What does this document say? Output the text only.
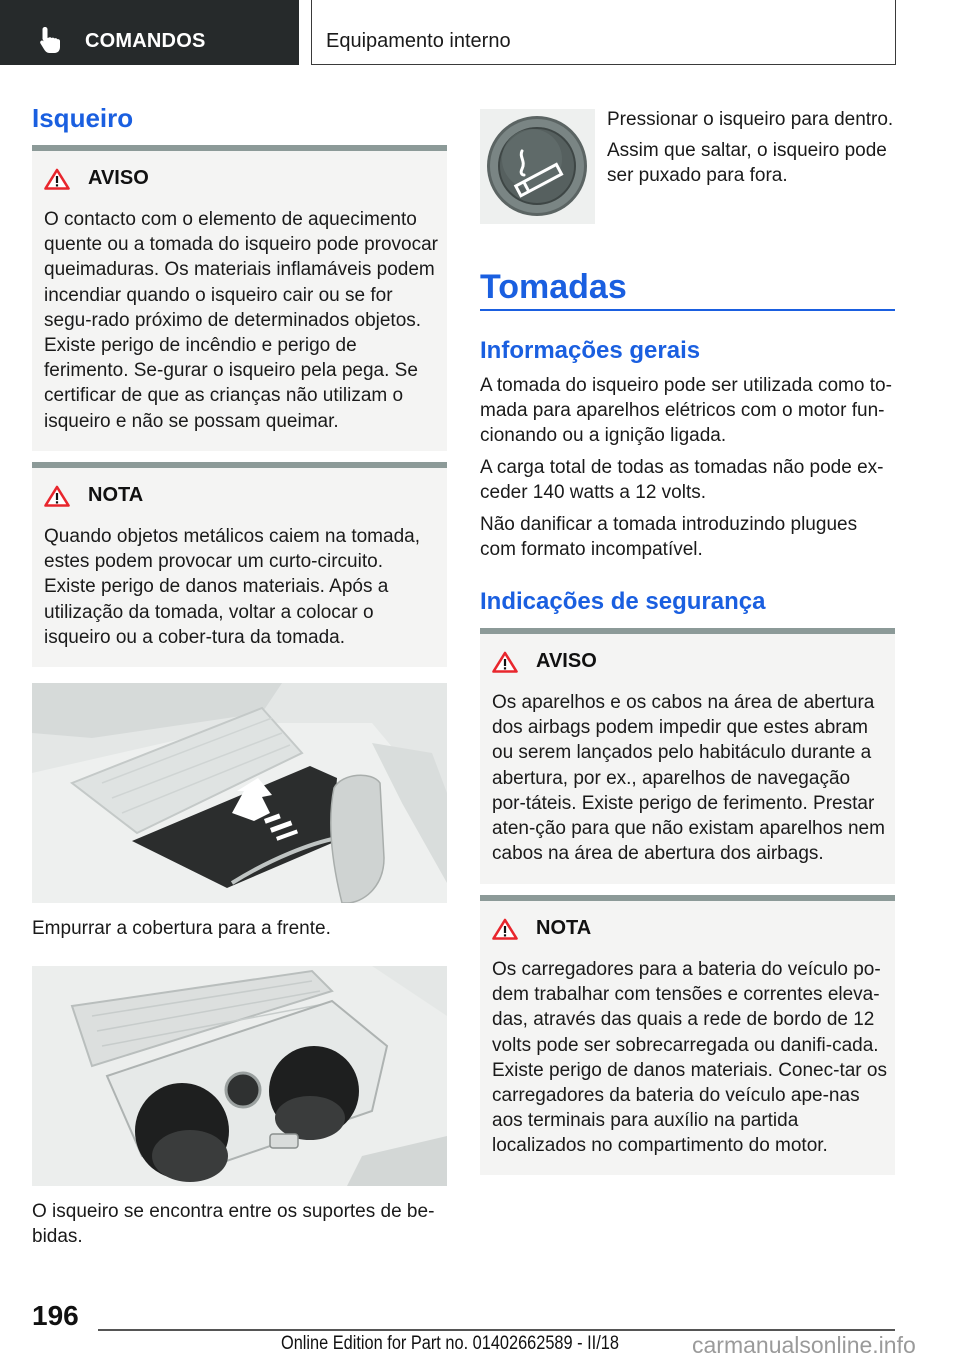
COMANDOS	Equipamento interno
Isqueiro
AVISO
O contacto com o elemento de aquecimento quente ou a tomada do isqueiro pode provocar queimaduras. Os materiais inflamáveis podem incendiar quando o isqueiro cair ou se for segu-rado próximo de determinados objetos. Existe perigo de incêndio e perigo de ferimento. Se-gurar o isqueiro pela pega. Se certificar de que as crianças não utilizam o isqueiro e não se possam queimar.
NOTA
Quando objetos metálicos caiem na tomada, estes podem provocar um curto-circuito. Existe perigo de danos materiais. Após a utilização da tomada, voltar a colocar o isqueiro ou a cober-tura da tomada.
Empurrar a cobertura para a frente.
O isqueiro se encontra entre os suportes de be-bidas.
Pressionar o isqueiro para dentro.
Assim que saltar, o isqueiro pode ser puxado para fora.
Tomadas
Informações gerais
A tomada do isqueiro pode ser utilizada como to-mada para aparelhos elétricos com o motor fun-cionando ou a ignição ligada.
A carga total de todas as tomadas não pode ex-ceder 140 watts a 12 volts.
Não danificar a tomada introduzindo plugues com formato incompatível.
Indicações de segurança
AVISO
Os aparelhos e os cabos na área de abertura dos airbags podem impedir que estes abram ou serem lançados pelo habitáculo durante a abertura, por ex., aparelhos de navegação por-táteis. Existe perigo de ferimento. Prestar aten-ção para que não existam aparelhos nem cabos na área de abertura dos airbags.
NOTA
Os carregadores para a bateria do veículo po-dem trabalhar com tensões e correntes eleva-das, através das quais a rede de bordo de 12 volts pode ser sobrecarregada ou danifi-cada. Existe perigo de danos materiais. Conec-tar os carregadores da bateria do veículo ape-nas aos terminais para auxílio na partida localizados no compartimento do motor.
196
Online Edition for Part no. 01402662589 - II/18	carmanualsonline.info
